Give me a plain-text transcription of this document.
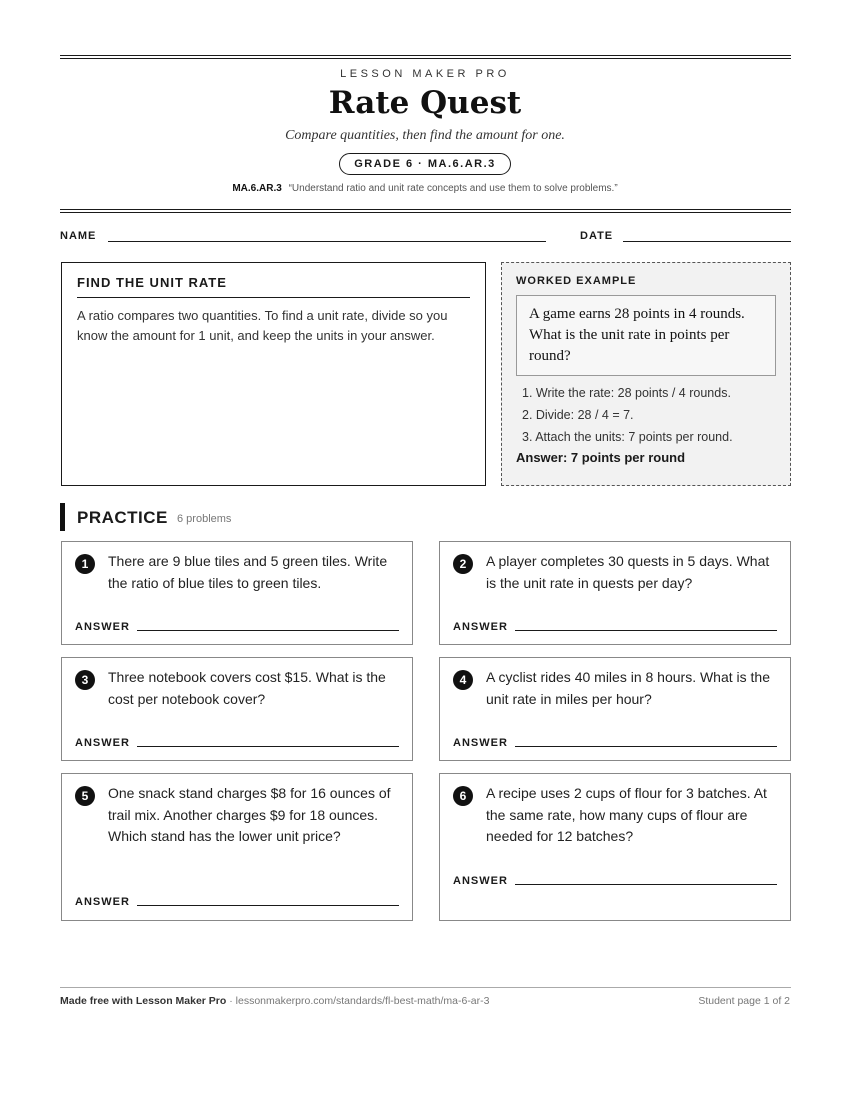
LESSON MAKER PRO
Rate Quest
Compare quantities, then find the amount for one.
GRADE 6 · MA.6.AR.3
MA.6.AR.3 “Understand ratio and unit rate concepts and use them to solve problems.”
NAME	DATE
FIND THE UNIT RATE

A ratio compares two quantities. To find a unit rate, divide so you know the amount for 1 unit, and keep the units in your answer.

WORKED EXAMPLE
A game earns 28 points in 4 rounds. What is the unit rate in points per round?
1. Write the rate: 28 points / 4 rounds.
2. Divide: 28 / 4 = 7.
3. Attach the units: 7 points per round.
Answer: 7 points per round
PRACTICE 6 problems
1	There are 9 blue tiles and 5 green tiles. Write the ratio of blue tiles to green tiles.
ANSWER
2	A player completes 30 quests in 5 days. What is the unit rate in quests per day?
ANSWER
3	Three notebook covers cost $15. What is the cost per notebook cover?
ANSWER
4	A cyclist rides 40 miles in 8 hours. What is the unit rate in miles per hour?
ANSWER
5	One snack stand charges $8 for 16 ounces of trail mix. Another charges $9 for 18 ounces. Which stand has the lower unit price?
ANSWER
6	A recipe uses 2 cups of flour for 3 batches. At the same rate, how many cups of flour are needed for 12 batches?
ANSWER
Made free with Lesson Maker Pro · lessonmakerpro.com/standards/fl-best-math/ma-6-ar-3	Student page 1 of 2
